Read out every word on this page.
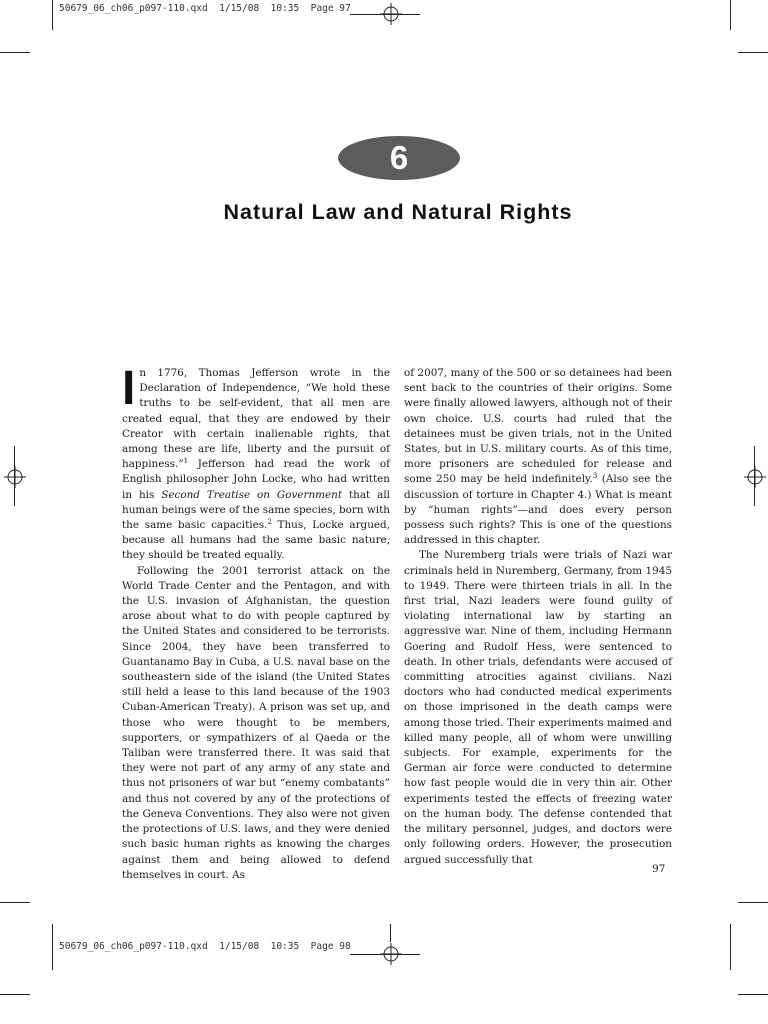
50679_06_ch06_p097-110.qxd  1/15/08  10:35  Page 97
6
Natural Law and Natural Rights

In 1776, Thomas Jefferson wrote in the Declaration of Independence, “We hold these truths to be self-evident, that all men are created equal, that they are endowed by their Creator with certain inalienable rights, that among these are life, liberty and the pursuit of happiness.”$^1$ Jefferson had read the work of English philosopher John Locke, who had written in his Second Treatise on Government that all human beings were of the same species, born with the same basic capacities.$^2$ Thus, Locke argued, because all humans had the same basic nature, they should be treated equally.

Following the 2001 terrorist attack on the World Trade Center and the Pentagon, and with the U.S. invasion of Afghanistan, the question arose about what to do with people captured by the United States and considered to be terrorists. Since 2004, they have been transferred to Guantanamo Bay in Cuba, a U.S. naval base on the southeastern side of the island (the United States still held a lease to this land because of the 1903 Cuban-American Treaty). A prison was set up, and those who were thought to be members, supporters, or sympathizers of al Qaeda or the Taliban were transferred there. It was said that they were not part of any army of any state and thus not prisoners of war but “enemy combatants” and thus not covered by any of the protections of the Geneva Conventions. They also were not given the protections of U.S. laws, and they were denied such basic human rights as knowing the charges against them and being allowed to defend themselves in court. As

of 2007, many of the 500 or so detainees had been sent back to the countries of their origins. Some were finally allowed lawyers, although not of their own choice. U.S. courts had ruled that the detainees must be given trials, not in the United States, but in U.S. military courts. As of this time, more prisoners are scheduled for release and some 250 may be held indefinitely.$^3$ (Also see the discussion of torture in Chapter 4.) What is meant by “human rights”—and does every person possess such rights? This is one of the questions addressed in this chapter.

The Nuremberg trials were trials of Nazi war criminals held in Nuremberg, Germany, from 1945 to 1949. There were thirteen trials in all. In the first trial, Nazi leaders were found guilty of violating international law by starting an aggressive war. Nine of them, including Hermann Goering and Rudolf Hess, were sentenced to death. In other trials, defendants were accused of committing atrocities against civilians. Nazi doctors who had conducted medical experiments on those imprisoned in the death camps were among those tried. Their experiments maimed and killed many people, all of whom were unwilling subjects. For example, experiments for the German air force were conducted to determine how fast people would die in very thin air. Other experiments tested the effects of freezing water on the human body. The defense contended that the military personnel, judges, and doctors were only following orders. However, the prosecution argued successfully that

97
50679_06_ch06_p097-110.qxd  1/15/08  10:35  Page 98
